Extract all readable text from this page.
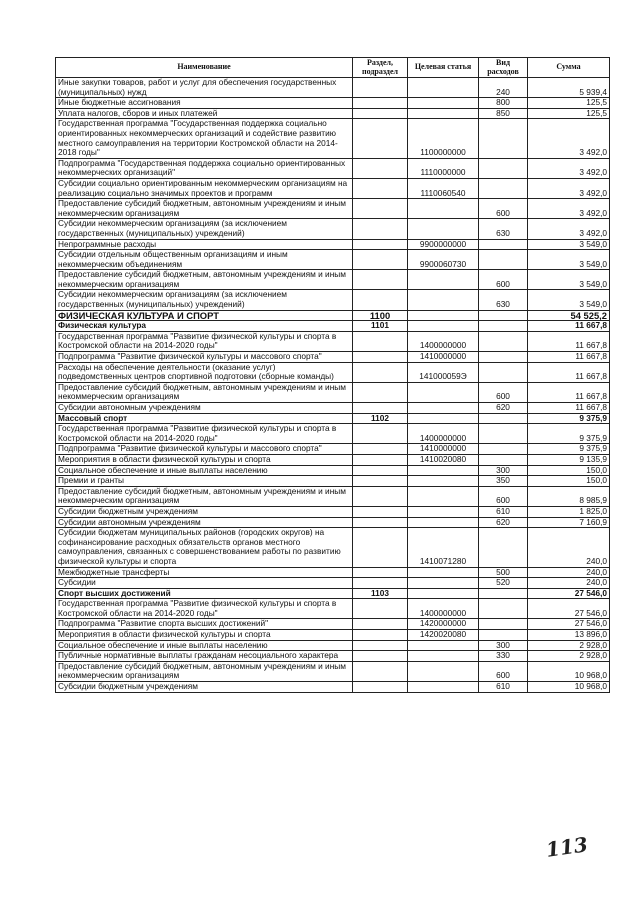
Наименование	Раздел, подраздел	Целевая статья	Вид расходов	Сумма
Иные закупки товаров, работ и услуг для обеспечения государственных (муниципальных) нужд			240	5 939,4
Иные бюджетные ассигнования			800	125,5
Уплата налогов, сборов и иных платежей			850	125,5
Государственная программа "Государственная поддержка социально ориентированных некоммерческих организаций и содействие развитию местного самоуправления на территории Костромской области на 2014-2018 годы"		1100000000		3 492,0
Подпрограмма "Государственная поддержка социально ориентированных некоммерческих организаций"		1110000000		3 492,0
Субсидии социально ориентированным некоммерческим организациям на реализацию социально значимых проектов и программ		1110060540		3 492,0
Предоставление субсидий бюджетным, автономным учреждениям и иным некоммерческим организациям			600	3 492,0
Субсидии некоммерческим организациям (за исключением государственных (муниципальных) учреждений)			630	3 492,0
Непрограммные расходы		9900000000		3 549,0
Субсидии отдельным общественным организациям и иным некоммерческим объединениям		9900060730		3 549,0
Предоставление субсидий бюджетным, автономным учреждениям и иным некоммерческим организациям			600	3 549,0
Субсидии некоммерческим организациям (за исключением государственных (муниципальных) учреждений)			630	3 549,0
ФИЗИЧЕСКАЯ КУЛЬТУРА И СПОРТ	1100			54 525,2
Физическая культура	1101			11 667,8
Государственная программа "Развитие физической культуры и спорта в Костромской области на 2014-2020 годы"		1400000000		11 667,8
Подпрограмма "Развитие физической культуры и массового спорта"		1410000000		11 667,8
Расходы на обеспечение деятельности (оказание услуг) подведомственных центров спортивной подготовки (сборные команды)		141000059Э		11 667,8
Предоставление субсидий бюджетным, автономным учреждениям и иным некоммерческим организациям			600	11 667,8
Субсидии автономным учреждениям			620	11 667,8
Массовый спорт	1102			9 375,9
Государственная программа "Развитие физической культуры и спорта в Костромской области на 2014-2020 годы"		1400000000		9 375,9
Подпрограмма "Развитие физической культуры и массового спорта"		1410000000		9 375,9
Мероприятия в области физической культуры и спорта		1410020080		9 135,9
Социальное обеспечение и иные выплаты населению			300	150,0
Премии и гранты			350	150,0
Предоставление субсидий бюджетным, автономным учреждениям и иным некоммерческим организациям			600	8 985,9
Субсидии бюджетным учреждениям			610	1 825,0
Субсидии автономным учреждениям			620	7 160,9
Субсидии бюджетам муниципальных районов (городских округов) на софинансирование расходных обязательств органов местного самоуправления, связанных с совершенствованием работы по развитию физической культуры и спорта		1410071280		240,0
Межбюджетные трансферты			500	240,0
Субсидии			520	240,0
Спорт высших достижений	1103			27 546,0
Государственная программа "Развитие физической культуры и спорта в Костромской области на 2014-2020 годы"		1400000000		27 546,0
Подпрограмма "Развитие спорта высших достижений"		1420000000		27 546,0
Мероприятия в области физической культуры и спорта		1420020080		13 896,0
Социальное обеспечение и иные выплаты населению			300	2 928,0
Публичные нормативные выплаты гражданам несоциального характера			330	2 928,0
Предоставление субсидий бюджетным, автономным учреждениям и иным некоммерческим организациям			600	10 968,0
Субсидии бюджетным учреждениям			610	10 968,0
113
